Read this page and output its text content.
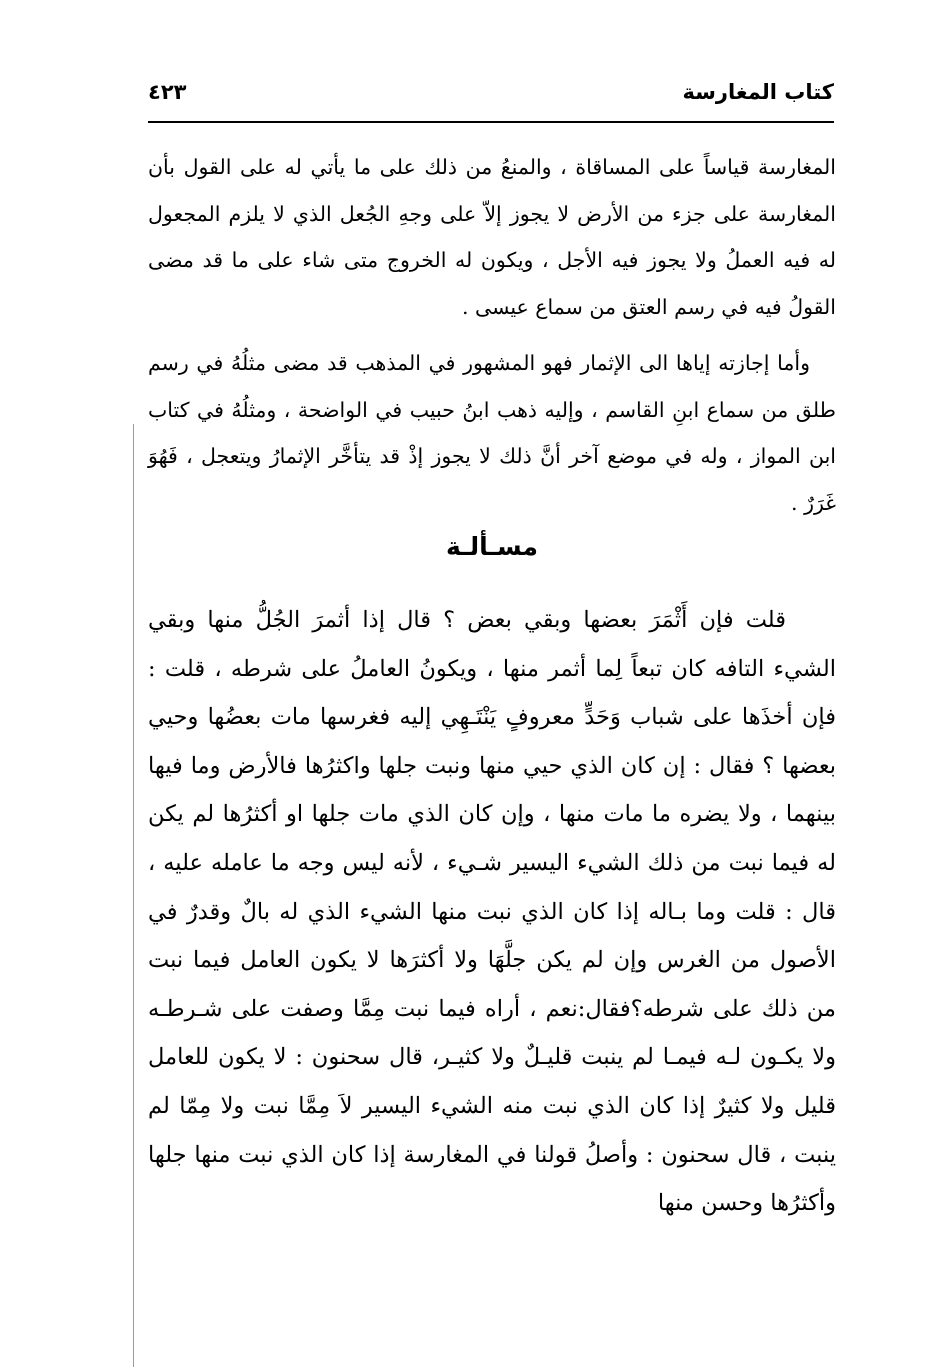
كتاب المغارسة
٤٢٣

المغارسة قياساً على المساقاة ، والمنعُ من ذلك على ما يأتي له على القول بأن المغارسة على جزء من الأرض لا يجوز إلاّ على وجهِ الجُعل الذي لا يلزم المجعول له فيه العملُ ولا يجوز فيه الأجل ، ويكون له الخروج متى شاء على ما قد مضى القولُ فيه في رسم العتق من سماع عيسى .

وأما إجازته إياها الى الإثمار فهو المشهور في المذهب قد مضى مثلُهُ في رسم طلق من سماع ابنِ القاسم ، وإليه ذهب ابنُ حبيب في الواضحة ، ومثلُهُ في كتاب ابن المواز ، وله في موضع آخر أنَّ ذلك لا يجوز إذْ قد يتأخَّر الإثمارُ ويتعجل ، فَهُوَ غَرَرٌ .

مسـألـة

قلت فإن أَثْمَرَ بعضها وبقي بعض ؟ قال إذا أثمرَ الجُلُّ منها وبقي الشيء التافه كان تبعاً لِما أثمر منها ، ويكونُ العاملُ على شرطه ، قلت : فإن أخذَها على شباب وَحَدٍّ معروفٍ يَنْتَـهِي إليه فغرسها مات بعضُها وحيي بعضها ؟ فقال : إن كان الذي حيي منها ونبت جلها واكثرُها فالأرض وما فيها بينهما ، ولا يضره ما مات منها ، وإن كان الذي مات جلها او أكثرُها لم يكن له فيما نبت من ذلك الشيء اليسير شـيء ، لأنه ليس وجه ما عامله عليه ، قال : قلت وما بـاله إذا كان الذي نبت منها الشيء الذي له بالٌ وقدرٌ في الأصول من الغرس وإن لم يكن جلَّهَا ولا أكثرَها لا يكون العامل فيما نبت من ذلك على شرطه؟فقال:نعم ، أراه فيما نبت مِمَّا وصفت على شـرطـه ولا يكـون لـه فيمـا لم ينبت قليـلٌ ولا كثيـر، قال سحنون : لا يكون للعامل قليل ولا كثيرٌ إذا كان الذي نبت منه الشيء اليسير لاَ مِمَّا نبت ولا مِمّا لم ينبت ، قال سحنون : وأصلُ قولنا في المغارسة إذا كان الذي نبت منها جلها وأكثرُها وحسن منها
